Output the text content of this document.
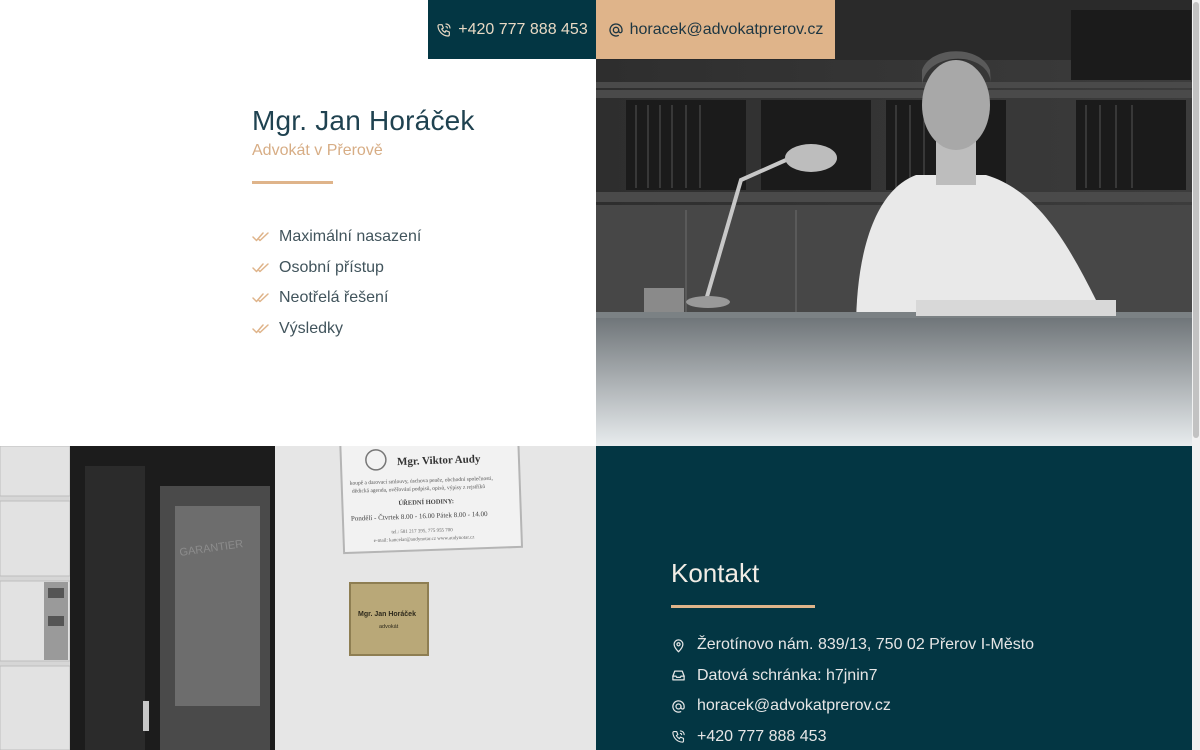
+420 777 888 453	horacek@advokatprerov.cz
Mgr. Jan Horáček
Advokát v Přerově
Maximální nasazení
Osobní přístup
Neotřelá řešení
Výsledky
GARANTIER
Mgr. Viktor Audy
koupě a darovací smlouvy, úschova peněz, obchodní společnosti,
dědická agenda, ověřování podpisů, opisů, výpisy z rejstříků
ÚŘEDNÍ HODINY:
Pondělí - Čtvrtek 8.00 - 16.00 Pátek 8.00 - 14.00
tel.: 581 217 395, 775 955 700
e-mail: kancelar@audynotar.cz www.audynotar.cz
Mgr. Jan Horáček
advokát
Kontakt
Žerotínovo nám. 839/13, 750 02 Přerov I-Město
Datová schránka: h7jnin7
horacek@advokatprerov.cz
+420 777 888 453
